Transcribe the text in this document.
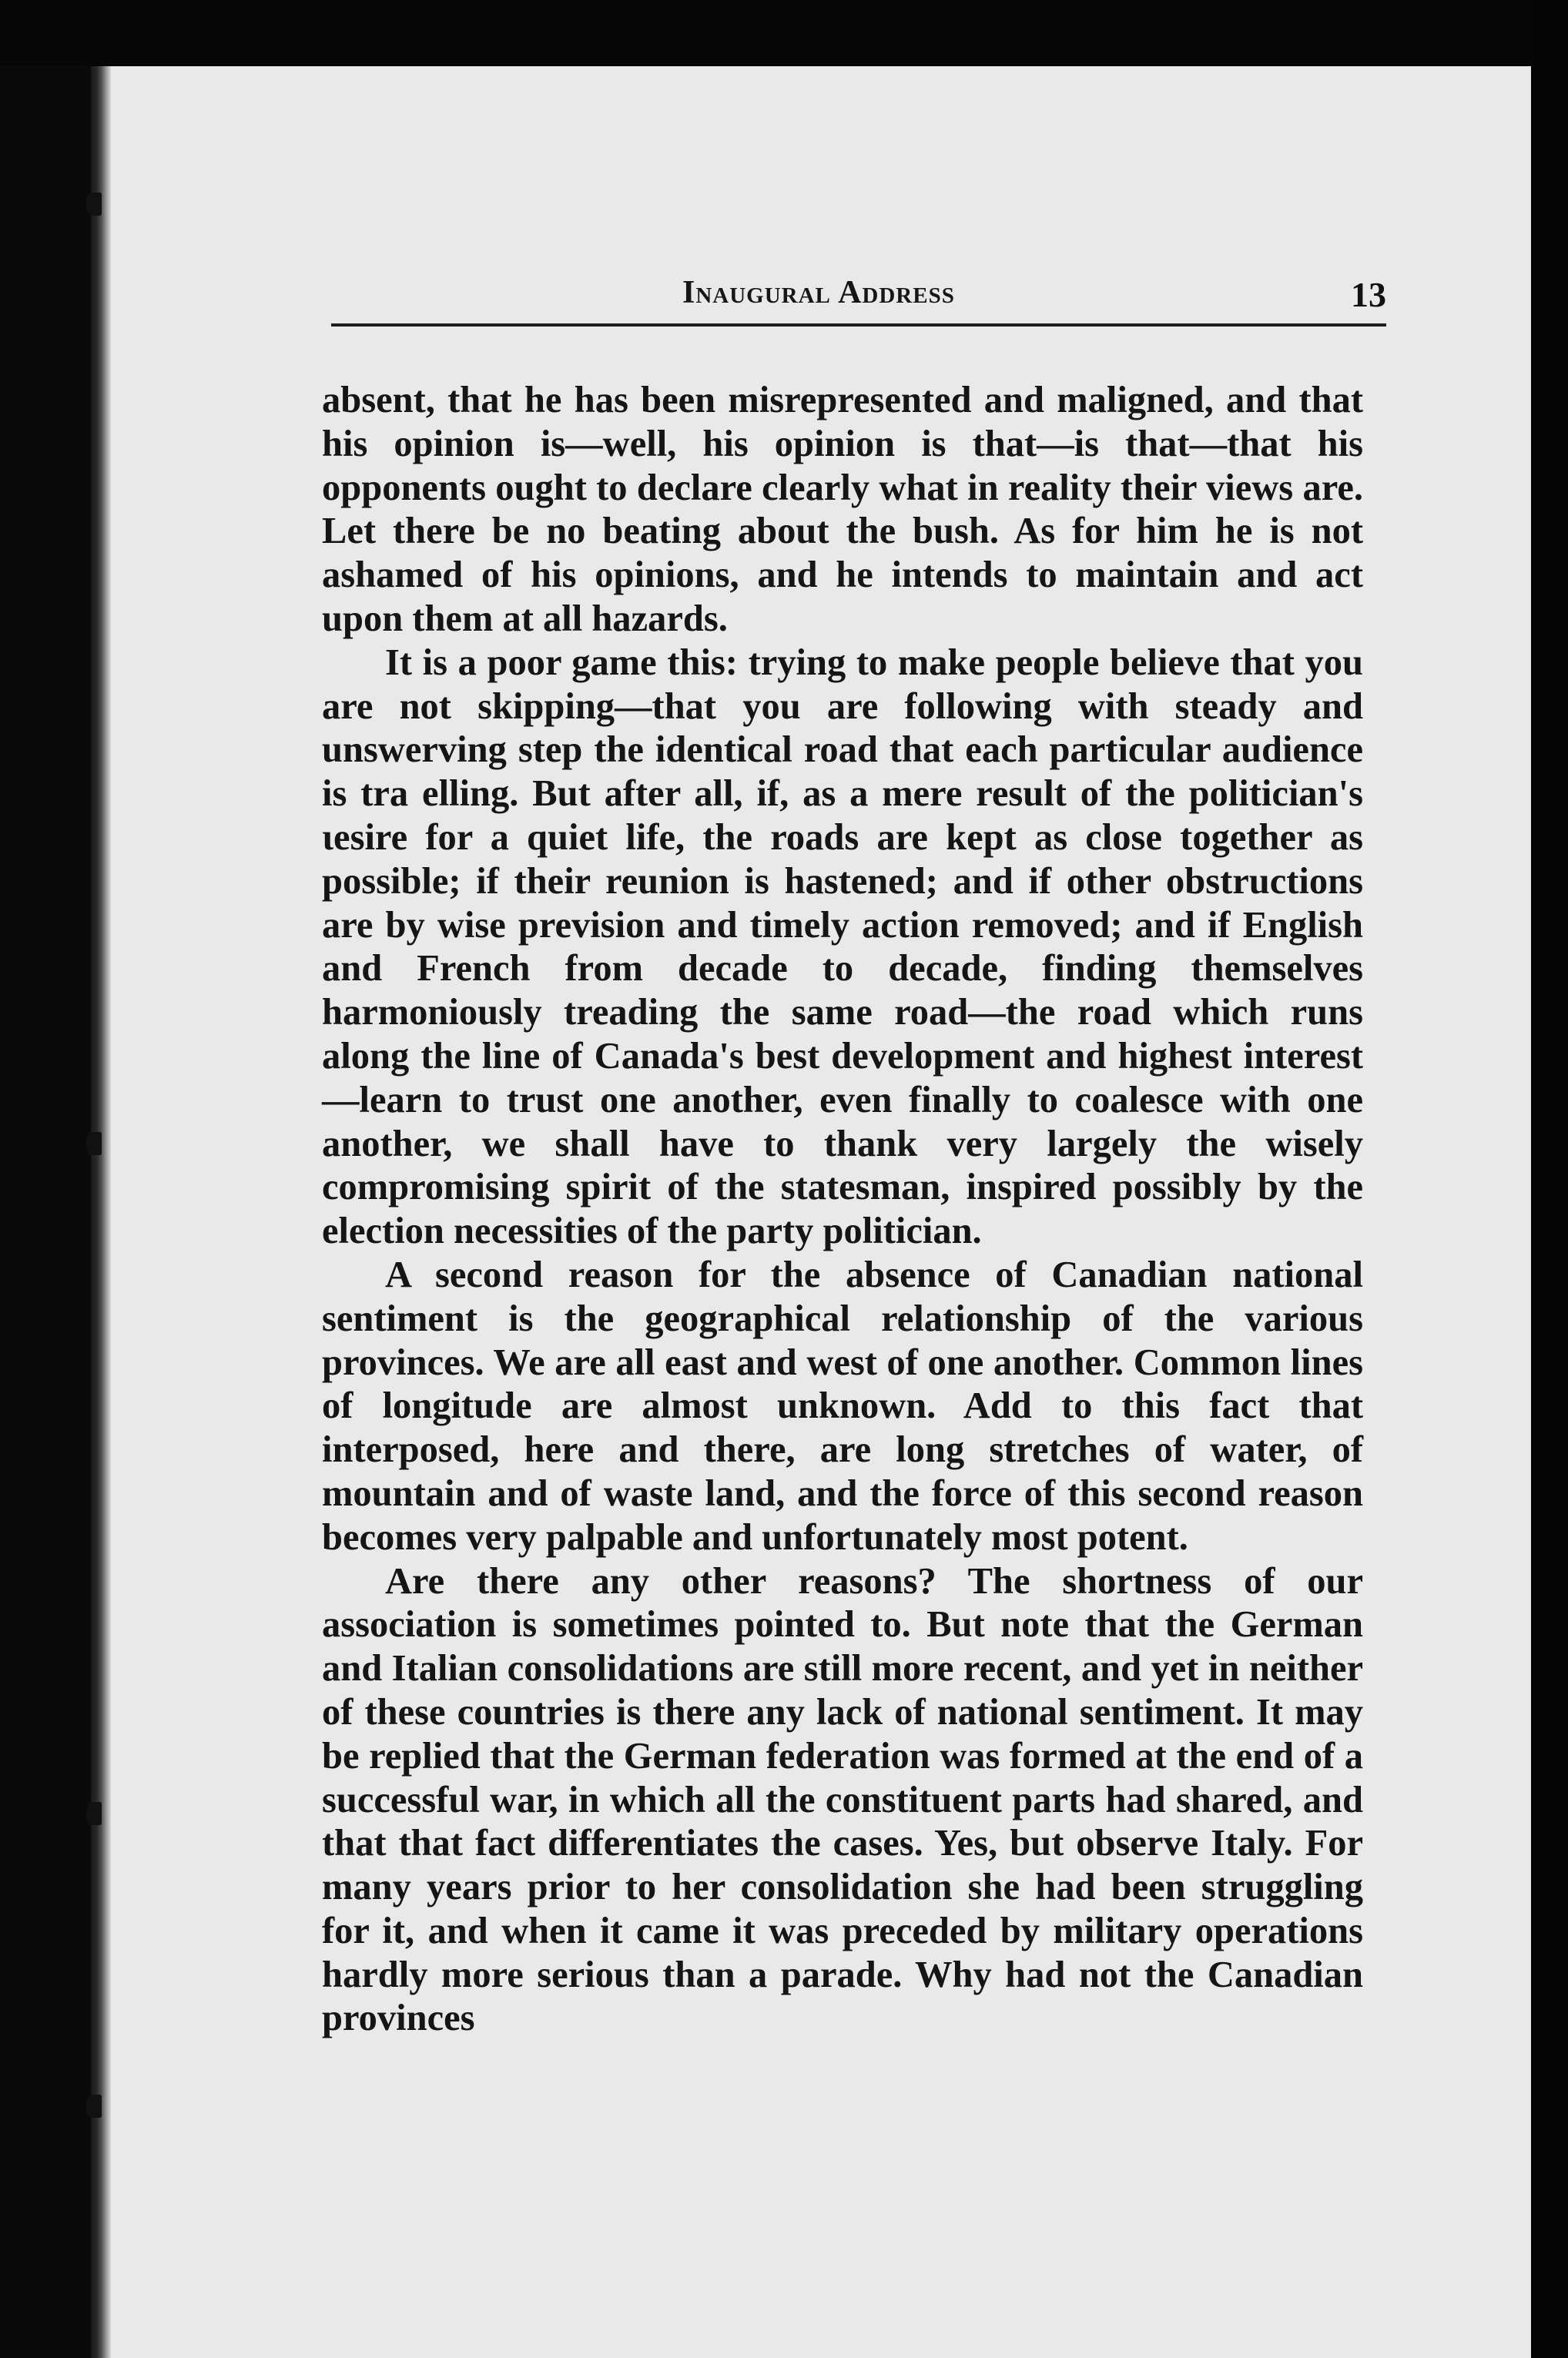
Inaugural Address	13

absent, that he has been misrepresented and maligned, and that his opinion is—well, his opinion is that—is that—that his opponents ought to declare clearly what in reality their views are. Let there be no beating about the bush. As for him he is not ashamed of his opinions, and he intends to maintain and act upon them at all hazards.

It is a poor game this: trying to make people believe that you are not skipping—that you are following with steady and unswerving step the identical road that each particular audience is tra elling. But after all, if, as a mere result of the politician's ɩesire for a quiet life, the roads are kept as close together as possible; if their reunion is hastened; and if other obstructions are by wise prevision and timely action removed; and if English and French from decade to decade, finding themselves harmoniously treading the same road—the road which runs along the line of Canada's best development and highest interest—learn to trust one another, even finally to coalesce with one another, we shall have to thank very largely the wisely compromising spirit of the statesman, inspired possibly by the election necessities of the party politician.

A second reason for the absence of Canadian national sentiment is the geographical relationship of the various provinces. We are all east and west of one another. Common lines of longitude are almost unknown. Add to this fact that interposed, here and there, are long stretches of water, of mountain and of waste land, and the force of this second reason becomes very palpable and unfortunately most potent.

Are there any other reasons? The shortness of our association is sometimes pointed to. But note that the German and Italian consolidations are still more recent, and yet in neither of these countries is there any lack of national sentiment. It may be replied that the German federation was formed at the end of a successful war, in which all the constituent parts had shared, and that that fact differentiates the cases. Yes, but observe Italy. For many years prior to her consolidation she had been struggling for it, and when it came it was preceded by military operations hardly more serious than a parade. Why had not the Canadian provinces
